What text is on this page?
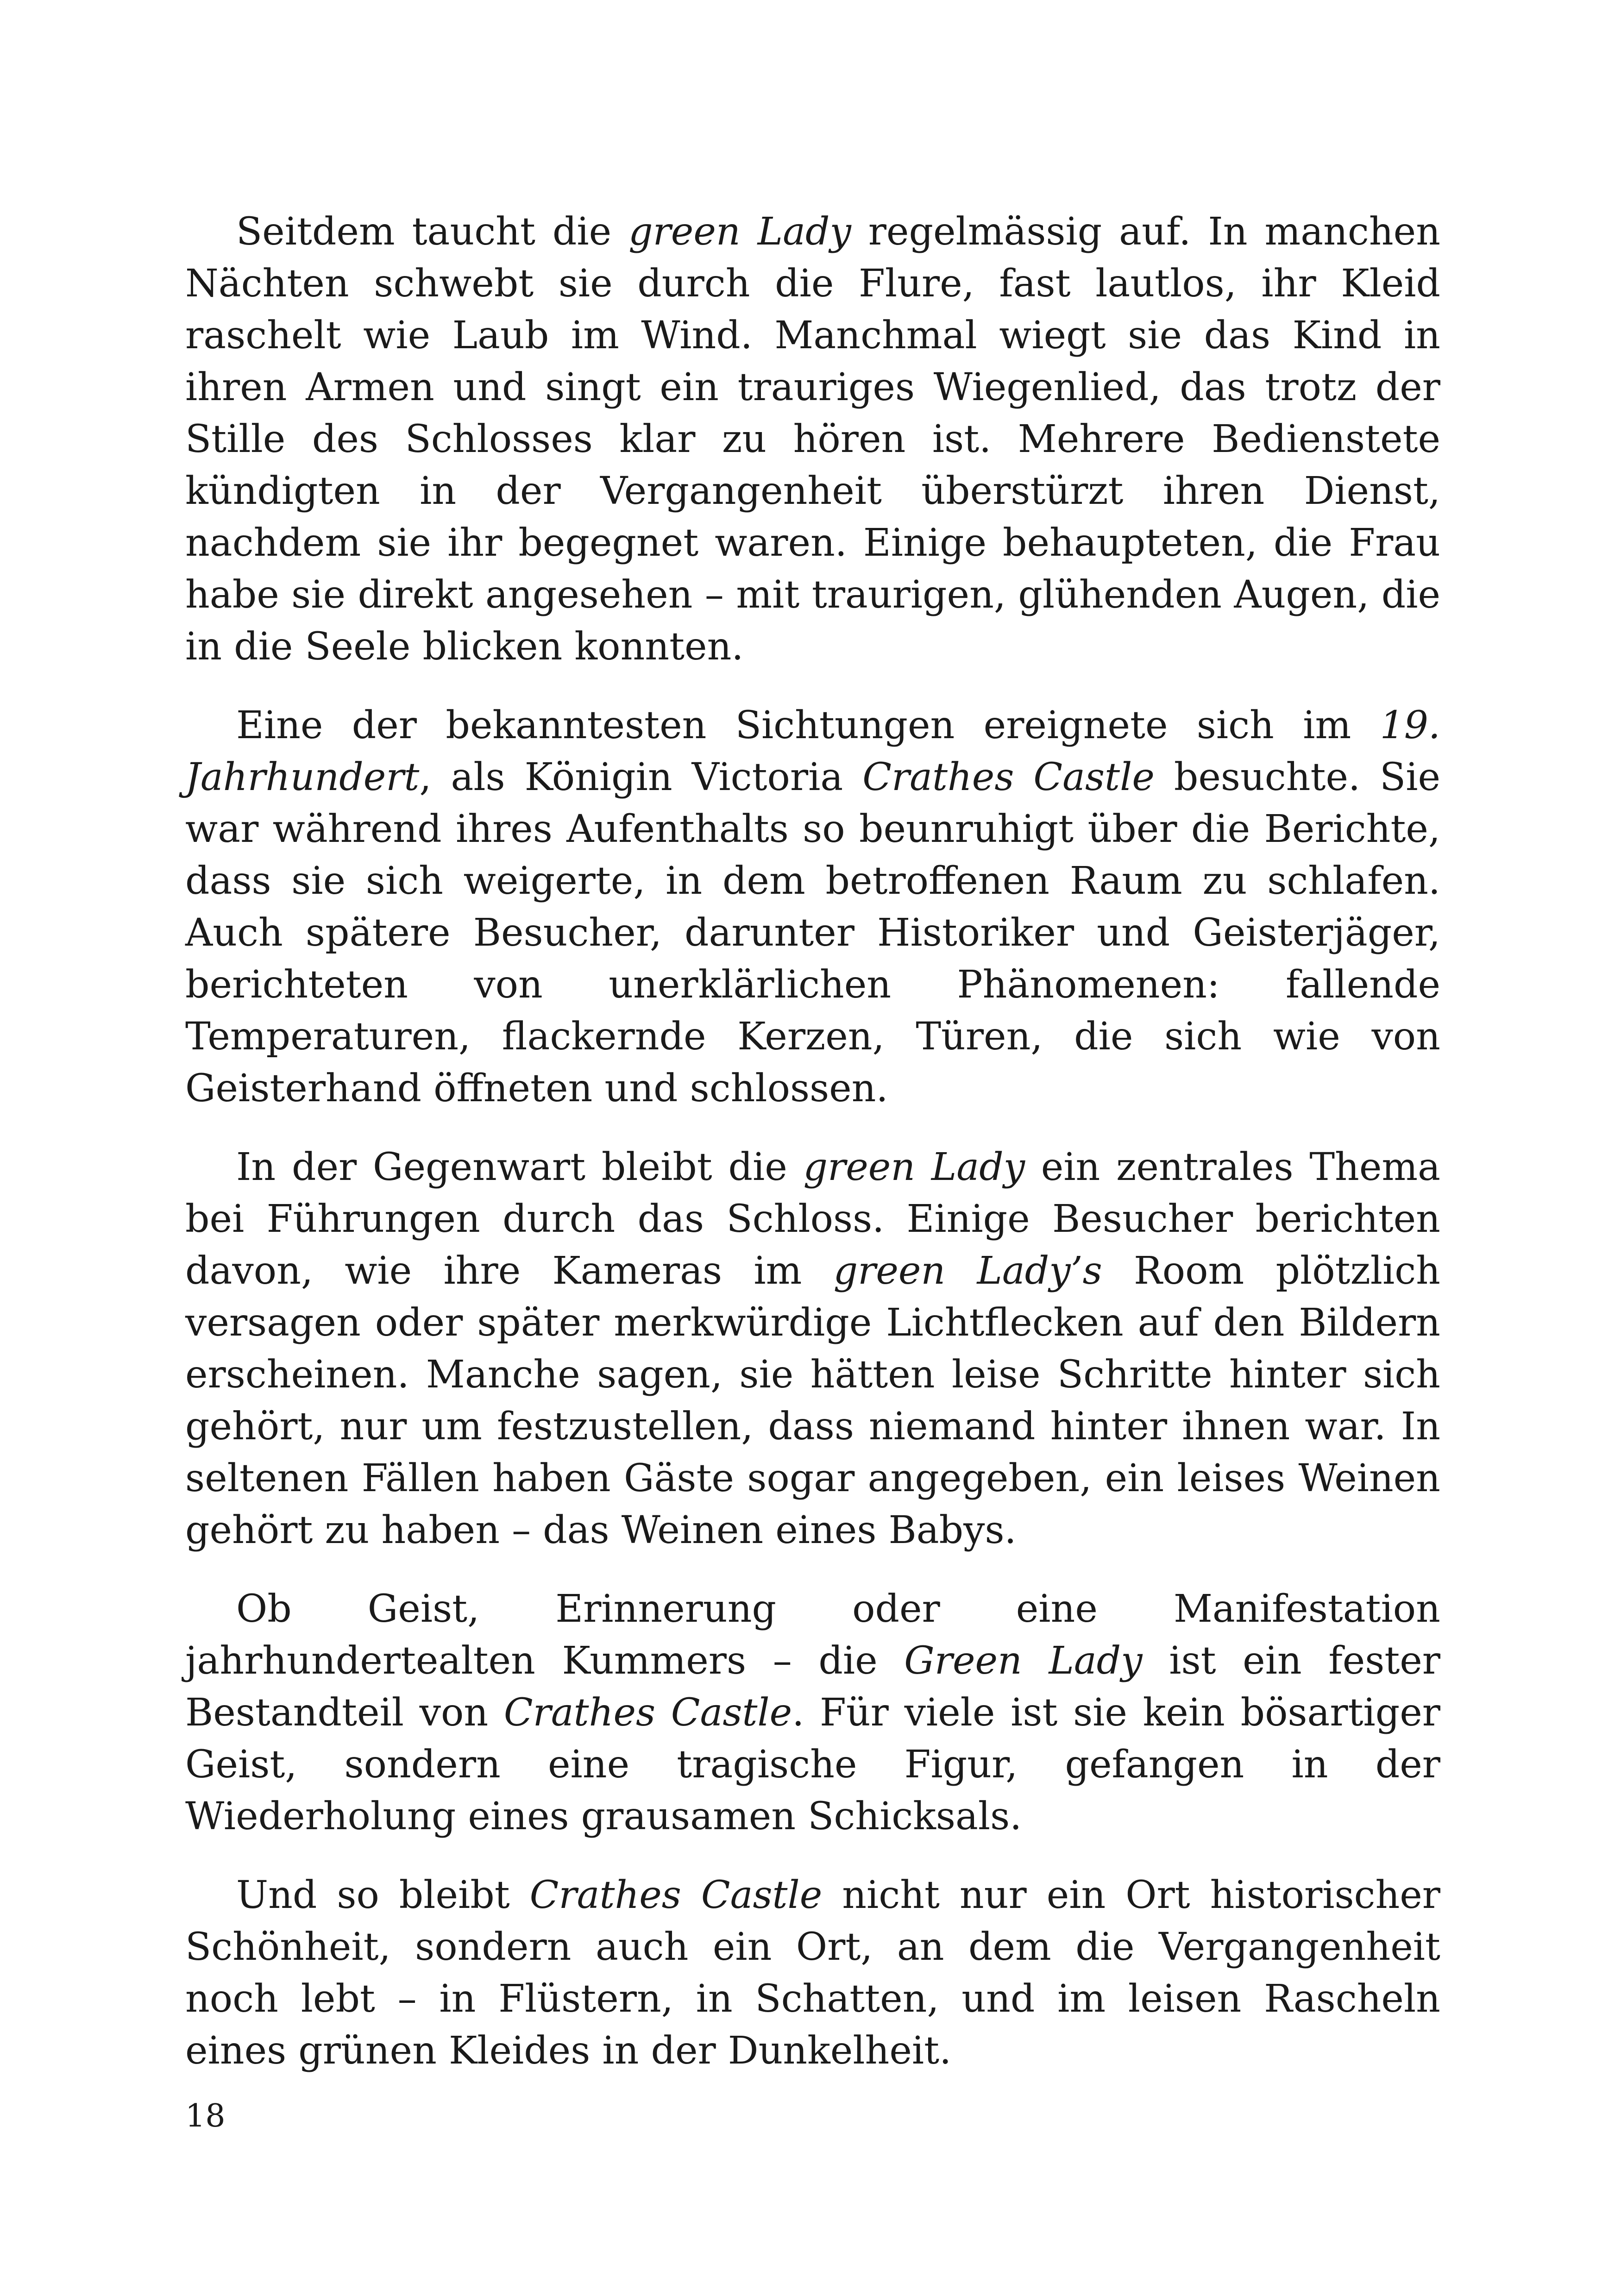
Seitdem taucht die green Lady regelmässig auf. In manchen Nächten schwebt sie durch die Flure, fast lautlos, ihr Kleid raschelt wie Laub im Wind. Manchmal wiegt sie das Kind in ihren Armen und singt ein trauriges Wiegenlied, das trotz der Stille des Schlosses klar zu hören ist. Mehrere Bedienstete kündigten in der Vergangenheit überstürzt ihren Dienst, nachdem sie ihr begegnet waren. Einige behaupteten, die Frau habe sie direkt angesehen – mit traurigen, glühenden Augen, die in die Seele blicken konnten.

Eine der bekanntesten Sichtungen ereignete sich im 19. Jahrhundert, als Königin Victoria Crathes Castle besuchte. Sie war während ihres Aufenthalts so beunruhigt über die Berichte, dass sie sich weigerte, in dem betroffenen Raum zu schlafen. Auch spätere Besucher, darunter Historiker und Geisterjäger, berichteten von unerklärlichen Phänomenen: fallende Temperaturen, flackernde Kerzen, Türen, die sich wie von Geisterhand öffneten und schlossen.

In der Gegenwart bleibt die green Lady ein zentrales Thema bei Führungen durch das Schloss. Einige Besucher berichten davon, wie ihre Kameras im green Lady’s Room plötzlich versagen oder später merkwürdige Lichtflecken auf den Bildern erscheinen. Manche sagen, sie hätten leise Schritte hinter sich gehört, nur um festzustellen, dass niemand hinter ihnen war. In seltenen Fällen haben Gäste sogar angegeben, ein leises Weinen gehört zu haben – das Weinen eines Babys.

Ob Geist, Erinnerung oder eine Manifestation jahrhundertealten Kummers – die Green Lady ist ein fester Bestandteil von Crathes Castle. Für viele ist sie kein bösartiger Geist, sondern eine tragische Figur, gefangen in der Wiederholung eines grausamen Schicksals.

Und so bleibt Crathes Castle nicht nur ein Ort historischer Schönheit, sondern auch ein Ort, an dem die Vergangenheit noch lebt – in Flüstern, in Schatten, und im leisen Rascheln eines grünen Kleides in der Dunkelheit.

18
